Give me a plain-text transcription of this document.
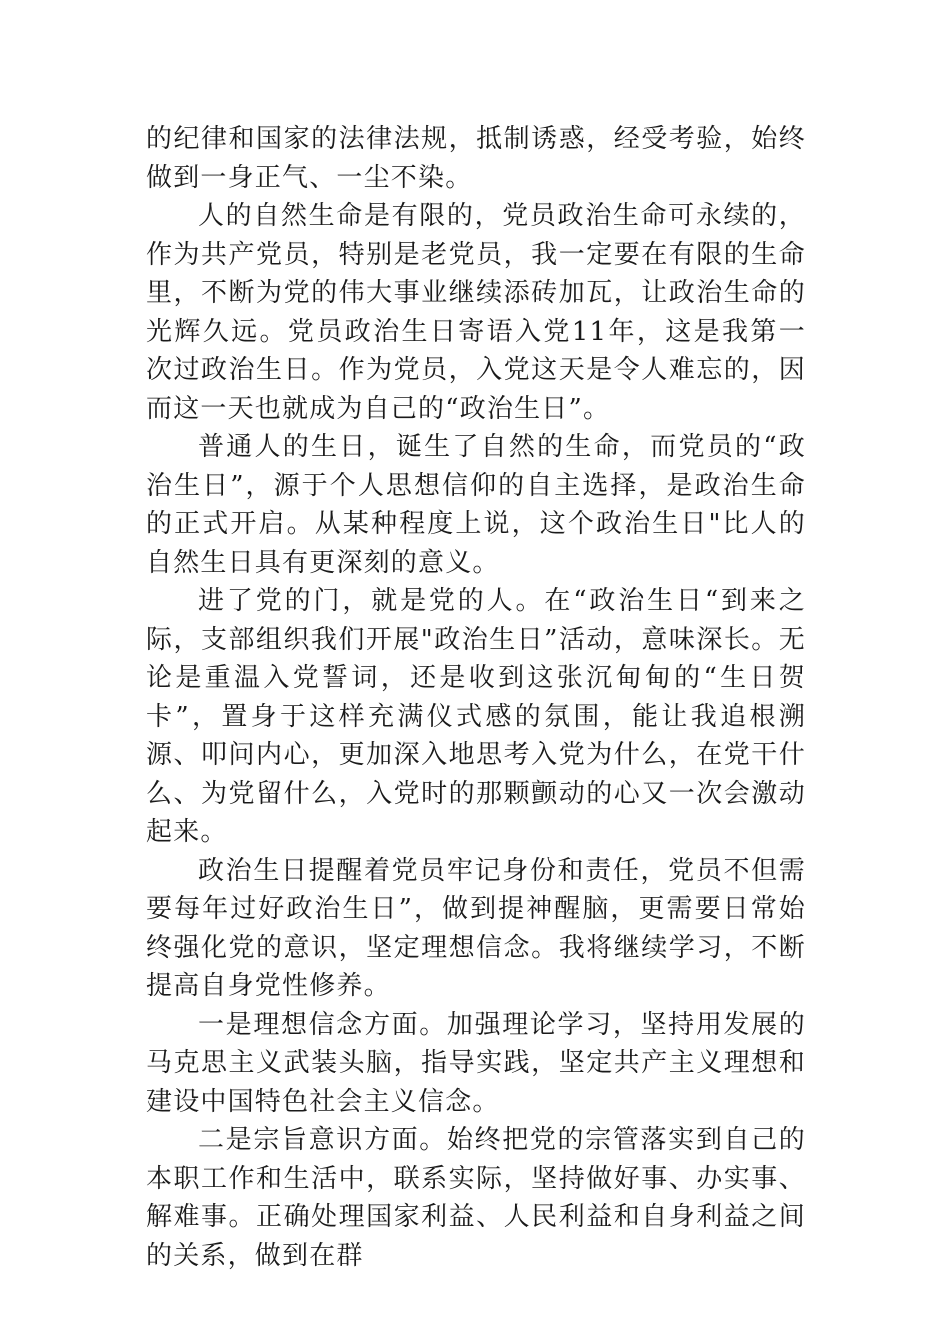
的纪律和国家的法律法规，抵制诱惑，经受考验，始终做到一身正气、一尘不染。

人的自然生命是有限的，党员政治生命可永续的，作为共产党员，特别是老党员，我一定要在有限的生命里，不断为党的伟大事业继续添砖加瓦，让政治生命的光辉久远。党员政治生日寄语入党11年，这是我第一次过政治生日。作为党员，入党这天是令人难忘的，因而这一天也就成为自己的“政治生日”。

普通人的生日，诞生了自然的生命，而党员的“政治生日”，源于个人思想信仰的自主选择，是政治生命的正式开启。从某种程度上说，这个政治生日"比人的自然生日具有更深刻的意义。

进了党的门，就是党的人。在“政治生日“到来之际，支部组织我们开展"政治生日”活动，意味深长。无论是重温入党誓词，还是收到这张沉甸甸的“生日贺卡”，置身于这样充满仪式感的氛围，能让我追根溯源、叩问内心，更加深入地思考入党为什么，在党干什么、为党留什么，入党时的那颗颤动的心又一次会激动起来。

政治生日提醒着党员牢记身份和责任，党员不但需要每年过好政治生日”，做到提神醒脑，更需要日常始终强化党的意识，坚定理想信念。我将继续学习，不断提高自身党性修养。

一是理想信念方面。加强理论学习，坚持用发展的马克思主义武装头脑，指导实践，坚定共产主义理想和建设中国特色社会主义信念。

二是宗旨意识方面。始终把党的宗管落实到自己的本职工作和生活中，联系实际，坚持做好事、办实事、解难事。正确处理国家利益、人民利益和自身利益之间的关系，做到在群
